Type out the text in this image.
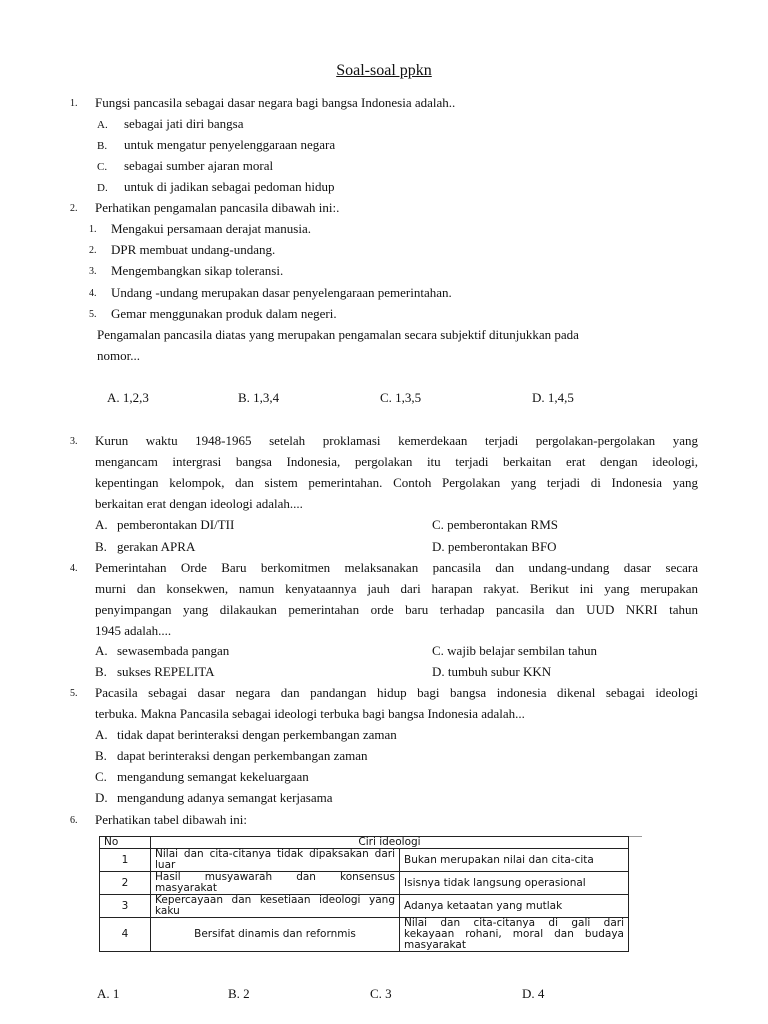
Soal-soal ppkn
1. Fungsi pancasila sebagai dasar negara bagi bangsa Indonesia adalah..
A. sebagai jati diri bangsa
B. untuk mengatur penyelenggaraan negara
C. sebagai sumber ajaran moral
D. untuk di jadikan sebagai pedoman hidup
2. Perhatikan pengamalan pancasila dibawah ini:.
1. Mengakui persamaan derajat manusia.
2. DPR membuat undang-undang.
3. Mengembangkan sikap toleransi.
4. Undang -undang merupakan dasar penyelengaraan pemerintahan.
5. Gemar menggunakan produk dalam negeri.
Pengamalan pancasila diatas yang merupakan pengamalan secara subjektif ditunjukkan pada
nomor...
A. 1,2,3	B. 1,3,4	C. 1,3,5	D. 1,4,5
3. Kurun waktu 1948-1965 setelah proklamasi kemerdekaan terjadi pergolakan-pergolakan yang
mengancam intergrasi bangsa Indonesia, pergolakan itu terjadi berkaitan erat dengan ideologi,
kepentingan kelompok, dan sistem pemerintahan. Contoh Pergolakan yang terjadi di Indonesia yang
berkaitan erat dengan ideologi adalah....
A. pemberontakan DI/TII
B. gerakan APRA
C. pemberontakan RMS
D. pemberontakan BFO
4. Pemerintahan Orde Baru berkomitmen melaksanakan pancasila dan undang-undang dasar secara
murni dan konsekwen, namun kenyataannya jauh dari harapan rakyat. Berikut ini yang merupakan
penyimpangan yang dilakaukan pemerintahan orde baru terhadap pancasila dan UUD NKRI tahun
1945 adalah....
A. sewasembada pangan
B. sukses REPELITA
C. wajib belajar sembilan tahun
D. tumbuh subur KKN
5. Pacasila sebagai dasar negara dan pandangan hidup bagi bangsa indonesia dikenal sebagai ideologi
terbuka. Makna Pancasila sebagai ideologi terbuka bagi bangsa Indonesia adalah...
A. tidak dapat berinteraksi dengan perkembangan zaman
B. dapat berinteraksi dengan perkembangan zaman
C. mengandung semangat kekeluargaan
D. mengandung adanya semangat kerjasama
6. Perhatikan tabel dibawah ini:
No	Ciri ideologi	
1	Nilai dan cita-citanya tidak dipaksakan dari luar	Bukan merupakan nilai dan cita-cita
2	Hasil musyawarah dan konsensus masyarakat	Isisnya tidak langsung operasional
3	Kepercayaan dan kesetiaan ideologi yang kaku	Adanya ketaatan yang mutlak
4	Bersifat dinamis dan refornmis	Nilai dan cita-citanya di gali dari kekayaan rohani, moral dan budaya masyarakat
A. 1	B. 2	C. 3	D. 4
